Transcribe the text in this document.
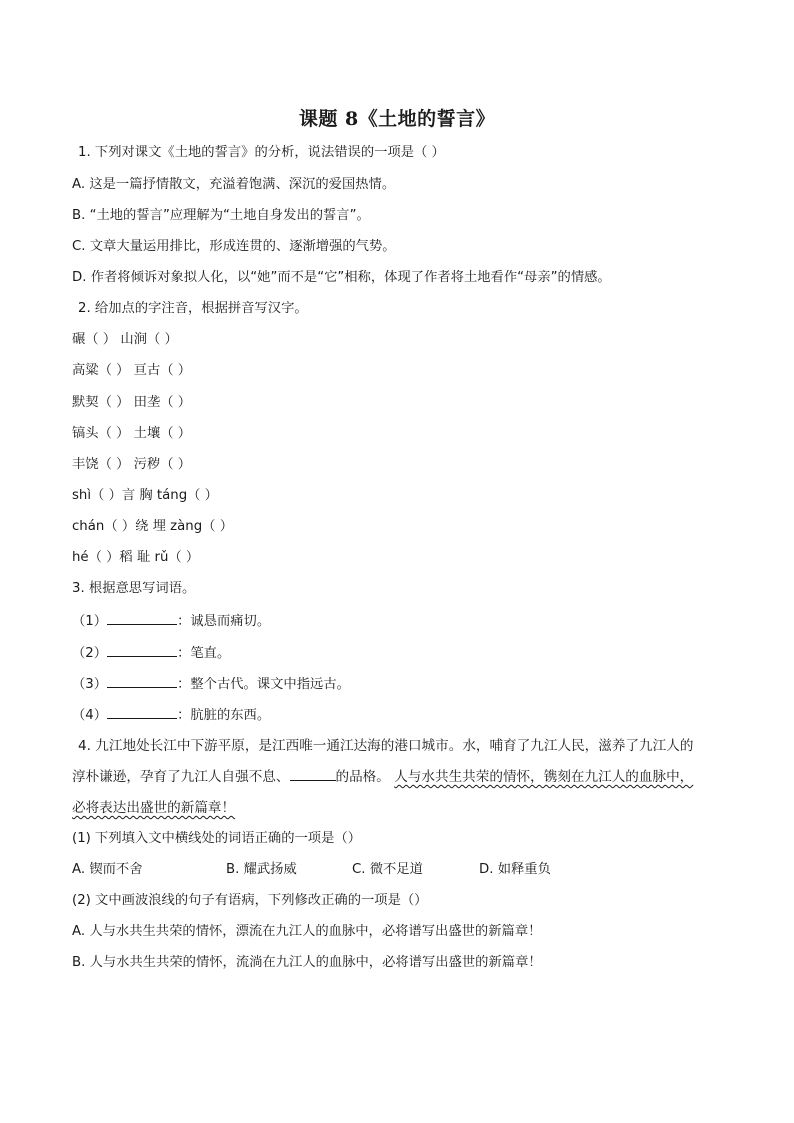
课题 8《土地的誓言》
1. 下列对课文《土地的誓言》的分析，说法错误的一项是（ ）
A. 这是一篇抒情散文，充溢着饱满、深沉的爱国热情。
B. “土地的誓言”应理解为“土地自身发出的誓言”。
C. 文章大量运用排比，形成连贯的、逐渐增强的气势。
D. 作者将倾诉对象拟人化，以“她”而不是“它”相称，体现了作者将土地看作“母亲”的情感。
2. 给加点的字注音，根据拼音写汉字。
碾（ ） 山涧（ ）
高粱（ ） 亘古（ ）
默契（ ） 田垄（ ）
镐头（ ） 土壤（ ）
丰饶（ ） 污秽（ ）
shì（ ）言 胸 táng（ ）
chán（ ）绕 埋 zàng（ ）
hé（ ）稻 耻 rǔ（ ）
3. 根据意思写词语。
（1）	：诚恳而痛切。
（2）	：笔直。
（3）	：整个古代。课文中指远古。
（4）	：肮脏的东西。
4. 九江地处长江中下游平原，是江西唯一通江达海的港口城市。水，哺育了九江人民，滋养了九江人的
淳朴谦逊，孕育了九江人自强不息、	的品格。 人与水共生共荣的情怀，镌刻在九江人的血脉中，
必将表达出盛世的新篇章！
(1) 下列填入文中横线处的词语正确的一项是（）
A. 锲而不舍	B. 耀武扬威	C. 微不足道	D. 如释重负
(2) 文中画波浪线的句子有语病，下列修改正确的一项是（）
A. 人与水共生共荣的情怀，漂流在九江人的血脉中，必将谱写出盛世的新篇章！
B. 人与水共生共荣的情怀，流淌在九江人的血脉中，必将谱写出盛世的新篇章！
